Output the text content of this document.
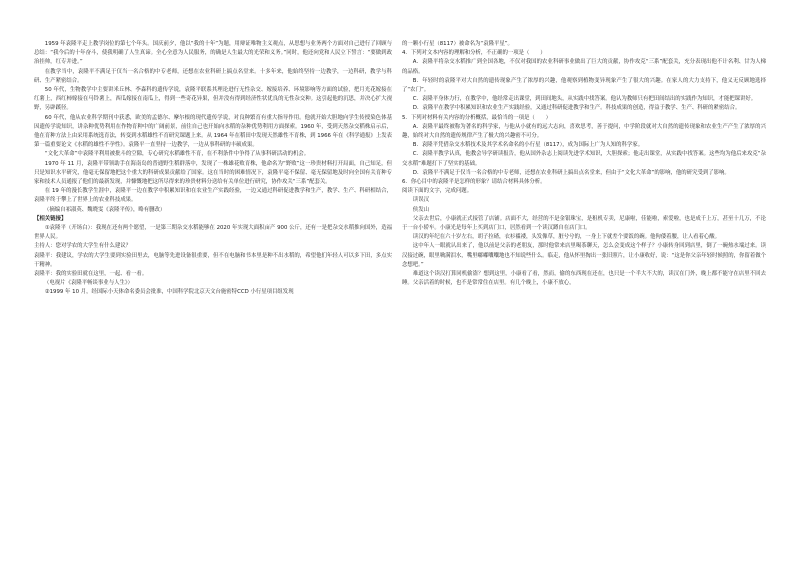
1959 年袁隆平走上教学岗位的第七个年头。国庆前夕，他以“我的十年”为题，用辩证唯物主义观点，从思想与业务两个方面对自己进行了回顾与总结：“我今后的十年奋斗，使我明确了人生真谛。全心全意为人民服务，的确是人生最大的光荣和义务。”同时，他还向党和人民立下誓言：“要做到政治挂帅，红专并进。”

在教学当中，袁隆平不满足于仅当一名合格的中专老师，还想在农业科研上搞点名堂来。十多年来，他始终坚持一边教学，一边科研，教学与科研、生产紧密结合。

50 年代，生物教学中主要讲米丘林、李森科的遗传学说，袁隆平联系其理论进行无性杂交、嫁接培养、环境影响等方面的试验，把月光花嫁接在红薯上，西红柿嫁接在马铃薯上，西瓜嫁接在南瓜上，得到一些奇花异果，但并没有得到经济性状优良的无性杂交种。这引起他的沉思，并决心扩大视野，另辟蹊径。

60 年代，他从农业科学期刊中获悉，欧美的孟德尔、摩尔根的现代遗传学说，对良种繁育有重大指导作用。他就开始大胆地向学生传授染色体基因遗传学说知识，讲杂种优势利用在作物育种中的广阔前景，前往自己也开始向水稻的杂种优势利用方面探索。1960 年，受到天然杂交稻株启示后，他在育种方法上由采用系统选育法，转变到水稻雄性不育研究课题上来。从 1964 年在稻田中发现天然雄性不育株，到 1966 年在《科学通报》上发表第一篇重要论文《水稻的雄性不孕性》。袁隆平一直坚持一边教学，一边从事科研的丰硕成果。

“文化大革命”中袁隆平利用被批斗的空隙，专心研究水稻雄性不育，在不利条件中争得了从事科研活动的机会。

1970 年 11 月，袁隆平带领助手在海南岛的普通野生稻群落中，发现了一株雄花败育株，他命名为“野败”这一珍贵材料打开局面，自己知足，但只是知识水平研究，他毫无保留地把这个重大的科研成果贡献给了国家。这在当时的困难情况下，袁隆平毫不保留、毫无保留地及时向全国有关育种专家和技术人员通报了他们的最新发现，并慷慨地把这所尽得来的珍贵材料分送给有关单位进行研究，协作攻关“三系”配套关。

在 19 年的漫长教学生涯中，袁隆平一边在教学中积累知识和在农业生产实践经验，一边又通过科研促进教学和生产，教学、生产、科研相结合，袁隆平终于攀上了世界上的农业科技成果。

（摘编自祁淑英、魏晓雯《袁隆平传》，略有删改）

【相关链接】

①袁隆平（开场白）：我现在还有两个愿望，一是第三期杂交水稻能够在 2020 年实现大面积亩产 900 公斤，还有一是把杂交水稻推向国外，造福世界人民。

主持人：您对学农的大学生有什么建议？

袁隆平：我建议，学农的大学生要到实验田里去，电脑等先进设备很重要，但不在电脑和书本里是种不出水稻的，希望他们年轻人可以多下田，多点实干精神。

袁隆平：我的实验田就在这里，一起、看一看。

（电视片《袁隆平畅谈事业与人生》）

②1999 年 10 月，经国际小天体命名委员会批准，中国科学院北京天文台施密特CCD 小行星项目组发现

的一颗小行星（8117）被命名为“袁隆平星”。

4．下列对文本内容的理解和分析，不正确的一项是（　　）

A．袁隆平将杂交水稻推广到全国各地，不仅对我国的农业科研事业做出了巨大的贡献，协作攻克“三系”配套关，充分表现出他不计名利、甘为人梯的品格。

B．年轻时的袁隆平对大自然的遗传现象产生了浓厚的兴趣，他观察到植物变异现象产生了很大的兴趣。在家人的大力支持下，他义无反顾地选择了“农门”。

C．袁隆平身体力行，在教学中，他经常走出课堂，到田间地头，从实践中找答案。他认为教师只有把田间结出的实践作为知识，才能把课讲好。

D．袁隆平在教学中积累知识和农业生产实践经验，又通过科研促进教学和生产。科技成果的创造，得益于教学、生产、科研的紧密结合。

5．下列对材料有关内容的分析概括，最恰当的一项是（　　）

A．袁隆平最终被称为著名的科学家，与他从小就有的远大志向，喜欢思考，善于提问，中学阶段就对大自然的遗传现象和农业生产产生了浓厚的兴趣，始终对大自然的遗传规律产生了极大的兴趣密不可分。

B．袁隆平凭借杂交水稻技术及其学术名命名的小行星（8117），成为国际上广为人知的科学家。

C．袁隆平教学认真，他教会导学研读报告，他从国外杂志上阅读先进学术知识，大胆探索；他走出课堂，从实践中找答案。这些均为他后来攻克“杂交水稻”难题打下了坚实的基础。

D．袁隆平不满足于仅当一名合格的中专老师，还想在农业科研上搞出点名堂来，但由于“文化大革命”的影响，他的研究受到了影响。

6．你心目中的袁隆平是怎样的形象？请结合材料具体分析。

阅读下面的文字，完成问题。

读误汉

侯发山

父亲去世后，小康就正式接管了店铺。店面不大，经营的不是金银珠宝，是租机专卖，尼康啦，佳能啦，索爱啦，也是成千上万，甚至十几万，不论于一台小轿车。小康光是每年上买到店门口，居然看到一个读汉蹲自在店门口。

读汉的年纪在六十岁左右，胡子拉碴，衣衫褴褛，头发像草，脏兮兮的，一身上下就差个要饭的碗。他佝偻着腰，让人看着心酸。

这中年人一眼就认出来了，他以前是父亲的老朋友，那时他常来店里喝茶聊天，怎么会变成这个样子？小康转身回到店里，倒了一碗热水端过来。读汉接过碗，眼里噙满泪水，嘴里嘟嘟囔囔地也不知说些什么。临走，他从怀里掏出一张旧照片，让小康收好，说：“这是你父亲年轻时候照的，你留着做个念想吧。”

难道这个读汉打算同机偷盗？想到这里，小康看了看，然而，偷的东西现在还在，也只是一个半大不大的，读汉在门外，晚上都不能守在店里不回去睡。父亲活着的时候，也不是常常住在店里。有几个晚上，小康不放心，
